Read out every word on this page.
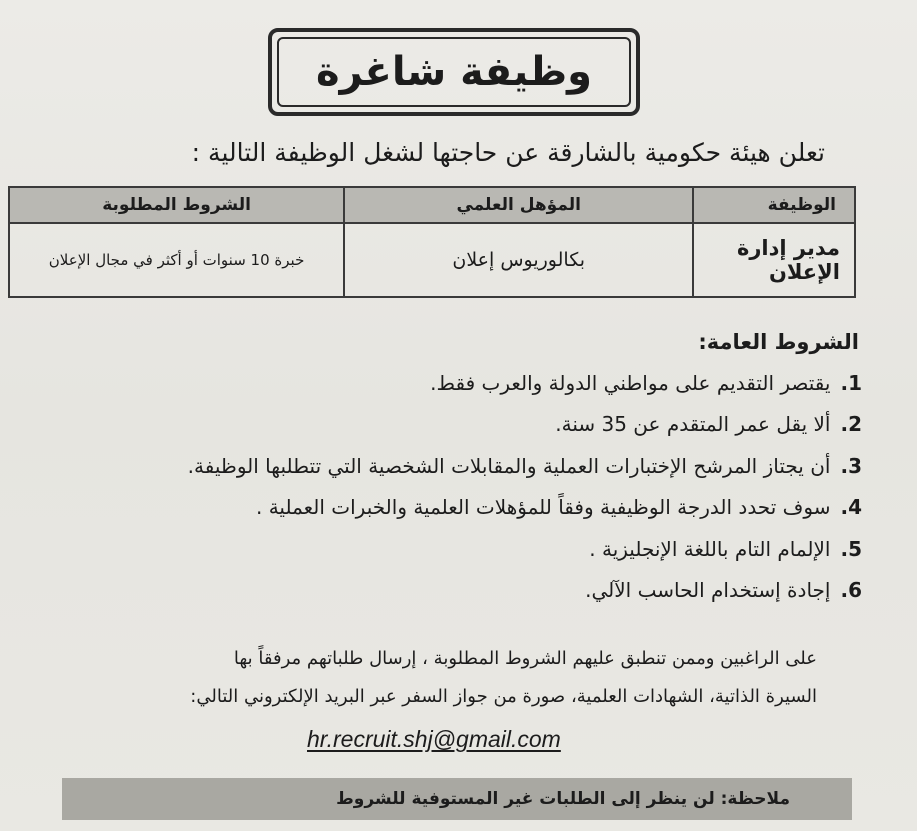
وظيفة شاغرة
تعلن هيئة حكومية بالشارقة عن حاجتها لشغل الوظيفة التالية :
الوظيفة	المؤهل العلمي	الشروط المطلوبة
مدير إدارة الإعلان	بكالوريوس إعلان	خبرة 10 سنوات أو أكثر في مجال الإعلان
الشروط العامة:
1.
يقتصر التقديم على مواطني الدولة والعرب فقط.
2.
ألا يقل عمر المتقدم عن 35 سنة.
3.
أن يجتاز المرشح الإختبارات العملية والمقابلات الشخصية التي تتطلبها الوظيفة.
4.
سوف تحدد الدرجة الوظيفية وفقاً للمؤهلات العلمية والخبرات العملية .
5.
الإلمام التام باللغة الإنجليزية .
6.
إجادة إستخدام الحاسب الآلي.

على الراغبين وممن تنطبق عليهم الشروط المطلوبة ، إرسال طلباتهم مرفقاً بها

السيرة الذاتية، الشهادات العلمية، صورة من جواز السفر عبر البريد الإلكتروني التالي:

hr.recruit.shj@gmail.com
ملاحظة: لن ينظر إلى الطلبات غير المستوفية للشروط
